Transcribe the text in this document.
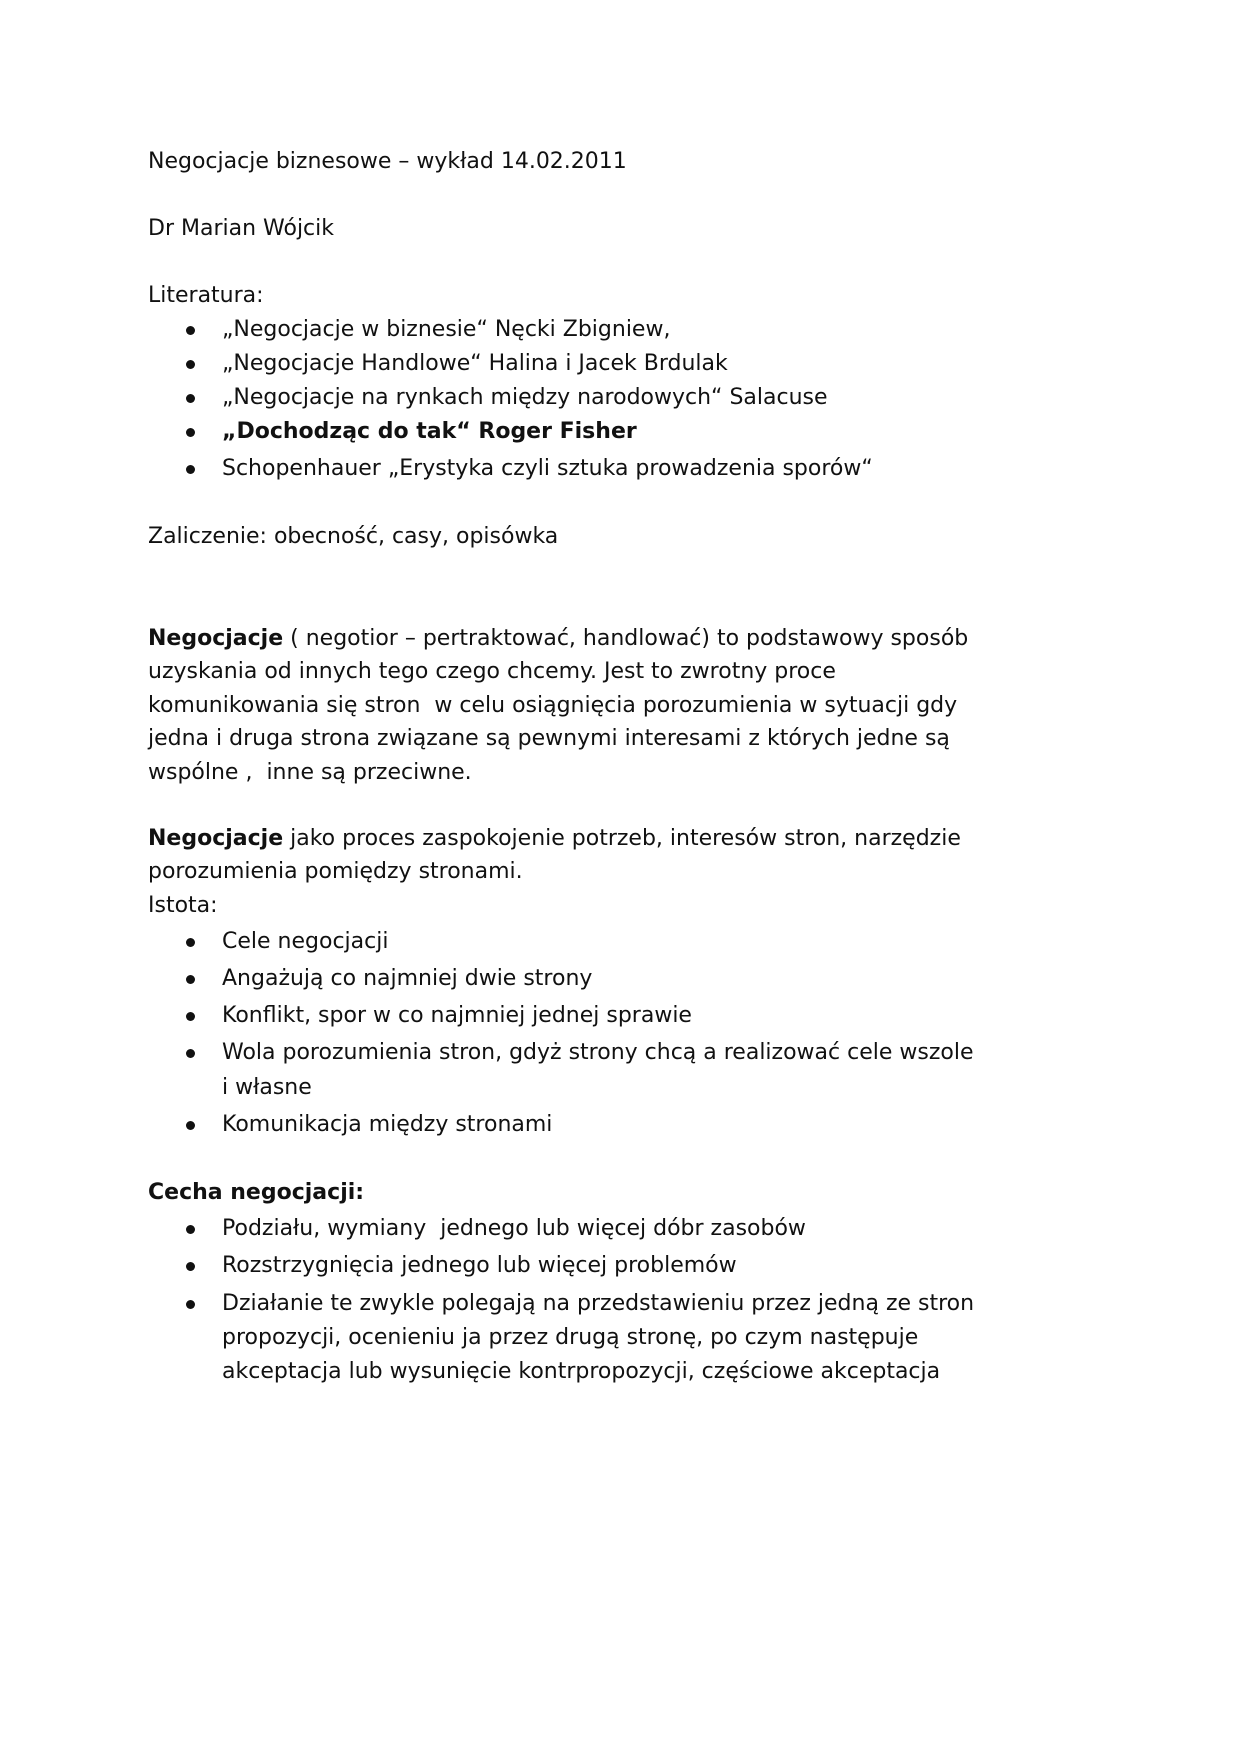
Negocjacje biznesowe – wykład 14.02.2011
Dr Marian Wójcik
Literatura:
„Negocjacje w biznesie“ Nęcki Zbigniew,
„Negocjacje Handlowe“ Halina i Jacek Brdulak
„Negocjacje na rynkach między narodowych“ Salacuse
„Dochodząc do tak“ Roger Fisher
Schopenhauer „Erystyka czyli sztuka prowadzenia sporów“
Zaliczenie: obecność, casy, opisówka
Negocjacje ( negotior – pertraktować, handlować) to podstawowy sposób
uzyskania od innych tego czego chcemy. Jest to zwrotny proce
komunikowania się stron  w celu osiągnięcia porozumienia w sytuacji gdy
jedna i druga strona związane są pewnymi interesami z których jedne są
wspólne ,  inne są przeciwne.
Negocjacje jako proces zaspokojenie potrzeb, interesów stron, narzędzie
porozumienia pomiędzy stronami.
Istota:
Cele negocjacji
Angażują co najmniej dwie strony
Konflikt, spor w co najmniej jednej sprawie
Wola porozumienia stron, gdyż strony chcą a realizować cele wszole
i własne
Komunikacja między stronami
Cecha negocjacji:
Podziału, wymiany  jednego lub więcej dóbr zasobów
Rozstrzygnięcia jednego lub więcej problemów
Działanie te zwykle polegają na przedstawieniu przez jedną ze stron
propozycji, ocenieniu ja przez drugą stronę, po czym następuje
akceptacja lub wysunięcie kontrpropozycji, częściowe akceptacja
